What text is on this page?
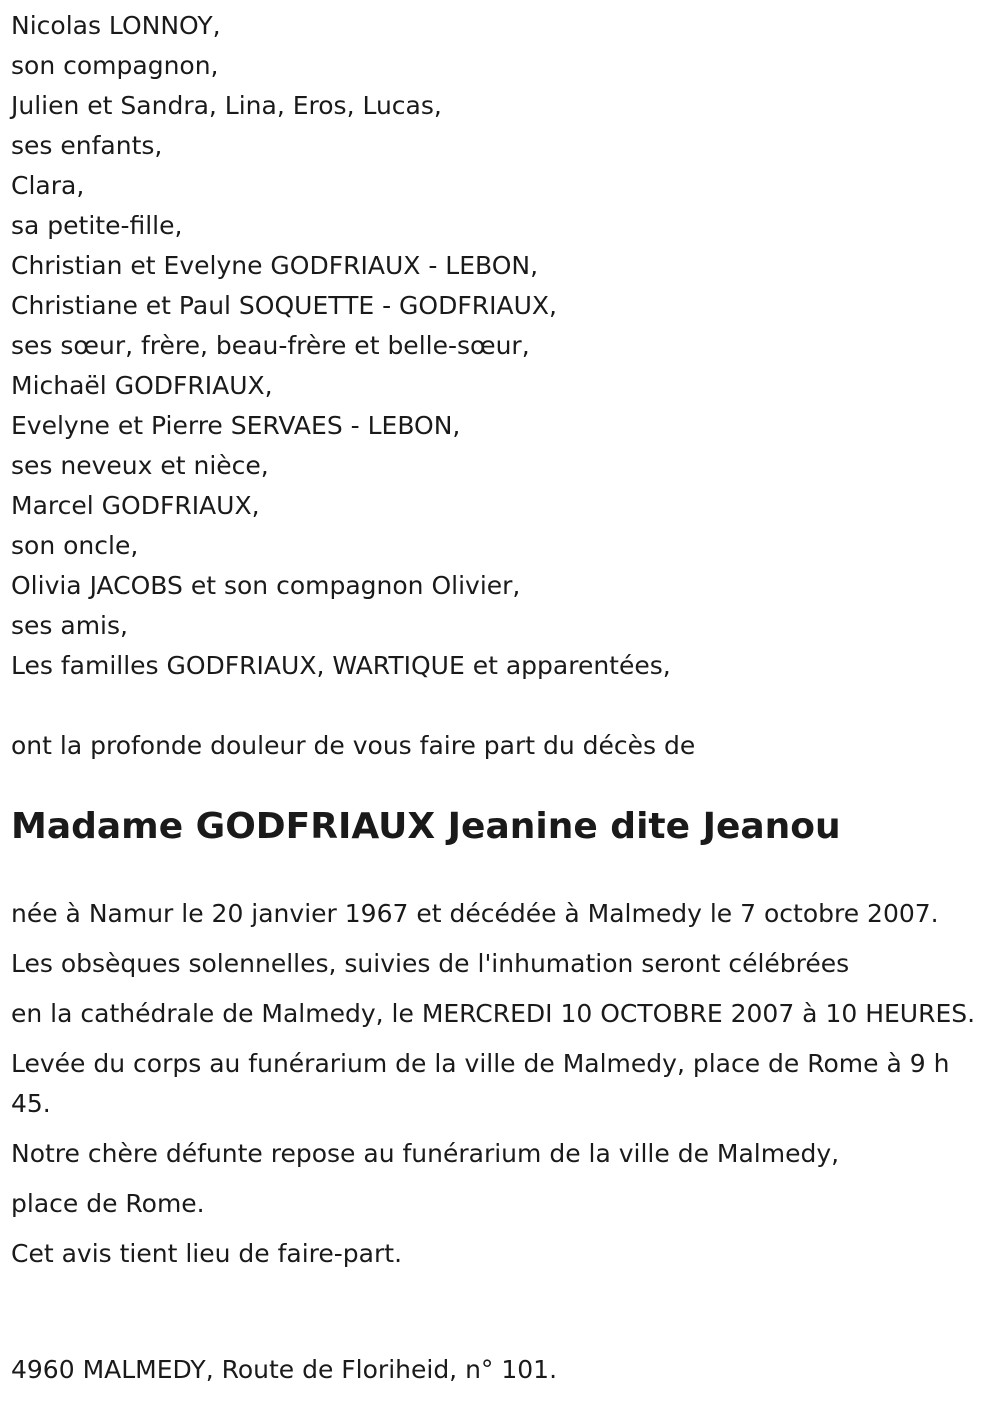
Nicolas LONNOY,
son compagnon,
Julien et Sandra, Lina, Eros, Lucas,
ses enfants,
Clara,
sa petite-fille,
Christian et Evelyne GODFRIAUX - LEBON,
Christiane et Paul SOQUETTE - GODFRIAUX,
ses sœur, frère, beau-frère et belle-sœur,
Michaël GODFRIAUX,
Evelyne et Pierre SERVAES - LEBON,
ses neveux et nièce,
Marcel GODFRIAUX,
son oncle,
Olivia JACOBS et son compagnon Olivier,
ses amis,
Les familles GODFRIAUX, WARTIQUE et apparentées,
ont la profonde douleur de vous faire part du décès de
Madame GODFRIAUX Jeanine dite Jeanou

née à Namur le 20 janvier 1967 et décédée à Malmedy le 7 octobre 2007.

Les obsèques solennelles, suivies de l'inhumation seront célébrées

en la cathédrale de Malmedy, le MERCREDI 10 OCTOBRE 2007 à 10 HEURES.

Levée du corps au funérarium de la ville de Malmedy, place de Rome à 9 h 45.

Notre chère défunte repose au funérarium de la ville de Malmedy,

place de Rome.

Cet avis tient lieu de faire-part.

4960 MALMEDY, Route de Floriheid, n° 101.
